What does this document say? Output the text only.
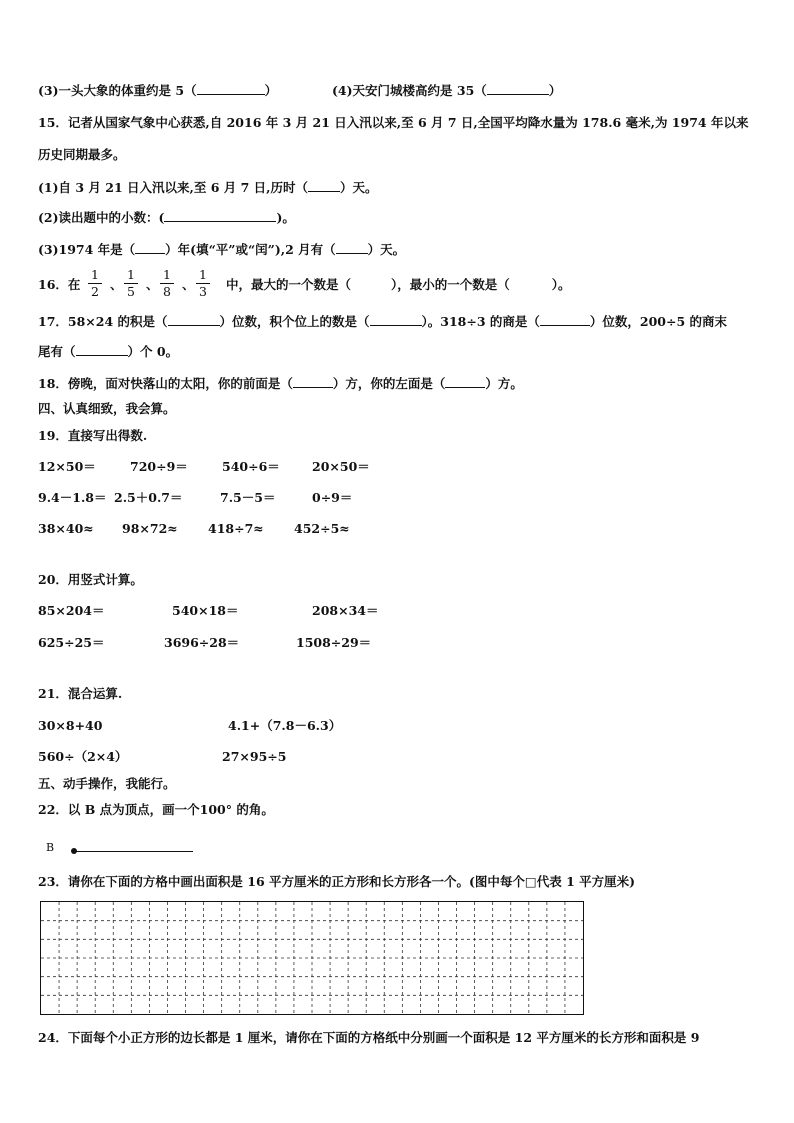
(3)一头大象的体重约是 5（	）	(4)天安门城楼高约是 35（	）
15．记者从国家气象中心获悉,自 2016 年 3 月 21 日入汛以来,至 6 月 7 日,全国平均降水量为 178.6 毫米,为 1974 年以来
历史同期最多。
(1)自 3 月 21 日入汛以来,至 6 月 7 日,历时（	）天。
(2)读出题中的小数：(	)。
(3)1974 年是（ ）年(填“平”或“闰”),2 月有（	）天。
16．在
1
2 、
1
5 、
1
8 、
1
3 中，最大的一个数是（	），最小的一个数是（	）。
17．58×24 的积是（	）位数，积个位上的数是（	）。318÷3 的商是（	）位数，200÷5 的商末
尾有（	）个 0。
18．傍晚，面对快落山的太阳，你的前面是（	）方，你的左面是（	）方。
四、认真细致，我会算。
19．直接写出得数.
12×50＝	720÷9＝	540÷6＝	20×50＝
9.4－1.8＝ 2.5＋0.7＝	7.5－5＝	0÷9＝
38×40≈ 98×72≈ 418÷7≈ 452÷5≈
20．用竖式计算。
85×204＝	540×18＝	208×34＝
625÷25＝	3696÷28＝	1508÷29＝
21．混合运算.
30×8+40	4.1+（7.8－6.3）
560÷（2×4）	27×95÷5
五、动手操作，我能行。
22．以 B 点为顶点，画一个100° 的角。
B
23．请你在下面的方格中画出面积是 16 平方厘米的正方形和长方形各一个。(图中每个□代表 1 平方厘米)
24．下面每个小正方形的边长都是 1 厘米，请你在下面的方格纸中分别画一个面积是 12 平方厘米的长方形和面积是 9
